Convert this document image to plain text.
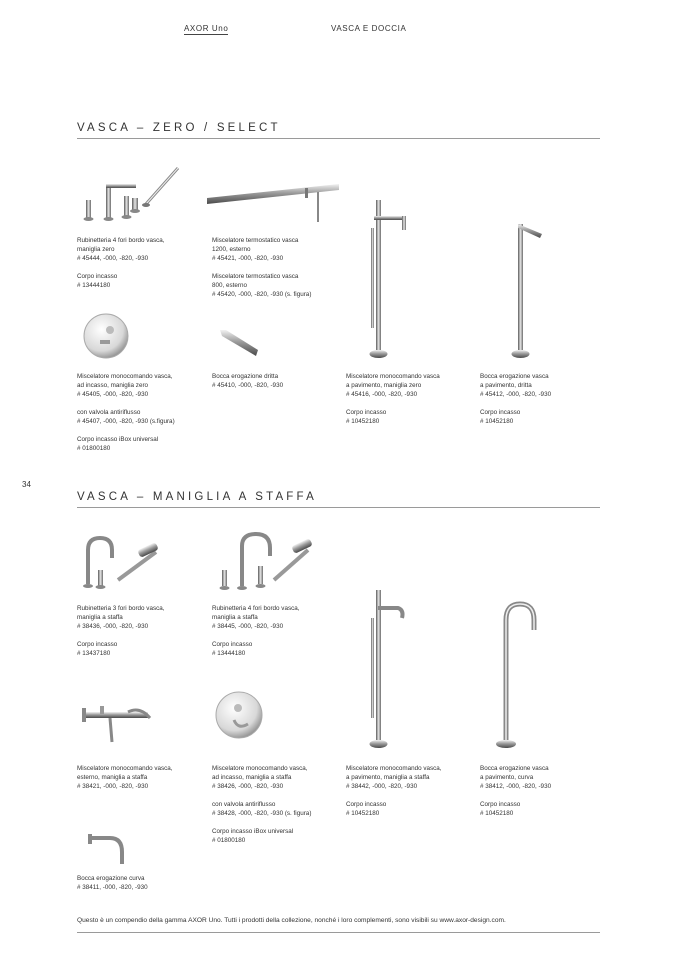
AXOR Uno	VASCA E DOCCIA
VASCA – ZERO / SELECT

Rubinetteria 4 fori bordo vasca,
maniglia zero
# 45444, -000, -820, -930

Corpo incasso
# 13444180

Miscelatore termostatico vasca
1200, esterno
# 45421, -000, -820, -930

Miscelatore termostatico vasca
800, esterno
# 45420, -000, -820, -930 (s. figura)

Miscelatore monocomando vasca,
ad incasso, maniglia zero
# 45405, -000, -820, -930

con valvola antiriflusso
# 45407, -000, -820, -930 (s.figura)

Corpo incasso iBox universal
# 01800180

Bocca erogazione dritta
# 45410, -000, -820, -930

Miscelatore monocomando vasca
a pavimento, maniglia zero
# 45416, -000, -820, -930

Corpo incasso
# 10452180

Bocca erogazione vasca
a pavimento, dritta
# 45412, -000, -820, -930

Corpo incasso
# 10452180

34
VASCA – MANIGLIA A STAFFA

Rubinetteria 3 fori bordo vasca,
maniglia a staffa
# 38436, -000, -820, -930

Corpo incasso
# 13437180

Rubinetteria 4 fori bordo vasca,
maniglia a staffa
# 38445, -000, -820, -930

Corpo incasso
# 13444180

Miscelatore monocomando vasca,
esterno, maniglia a staffa
# 38421, -000, -820, -930

Miscelatore monocomando vasca,
ad incasso, maniglia a staffa
# 38426, -000, -820, -930

con valvola antiriflusso
# 38428, -000, -820, -930 (s. figura)

Corpo incasso iBox universal
# 01800180

Miscelatore monocomando vasca,
a pavimento, maniglia a staffa
# 38442, -000, -820, -930

Corpo incasso
# 10452180

Bocca erogazione vasca
a pavimento, curva
# 38412, -000, -820, -930

Corpo incasso
# 10452180

Bocca erogazione curva
# 38411, -000, -820, -930

Questo è un compendio della gamma AXOR Uno. Tutti i prodotti della collezione, nonché i loro complementi, sono visibili su www.axor-design.com.
